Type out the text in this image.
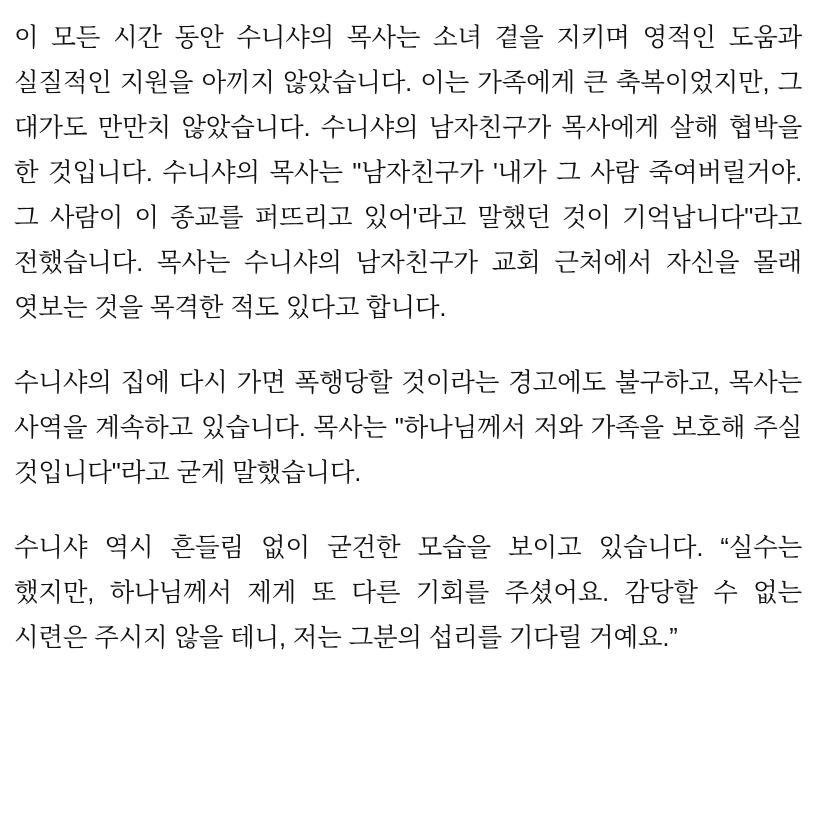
이 모든 시간 동안 수니샤의 목사는 소녀 곁을 지키며 영적인 도움과 실질적인 지원을 아끼지 않았습니다. 이는 가족에게 큰 축복이었지만, 그 대가도 만만치 않았습니다. 수니샤의 남자친구가 목사에게 살해 협박을 한 것입니다. 수니샤의 목사는 "남자친구가 '내가 그 사람 죽여버릴거야. 그 사람이 이 종교를 퍼뜨리고 있어'라고 말했던 것이 기억납니다"라고 전했습니다. 목사는 수니샤의 남자친구가 교회 근처에서 자신을 몰래 엿보는 것을 목격한 적도 있다고 합니다.

수니샤의 집에 다시 가면 폭행당할 것이라는 경고에도 불구하고, 목사는 사역을 계속하고 있습니다. 목사는 "하나님께서 저와 가족을 보호해 주실 것입니다"라고 굳게 말했습니다.

수니샤 역시 흔들림 없이 굳건한 모습을 보이고 있습니다. “실수는 했지만, 하나님께서 제게 또 다른 기회를 주셨어요. 감당할 수 없는 시련은 주시지 않을 테니, 저는 그분의 섭리를 기다릴 거예요.”
